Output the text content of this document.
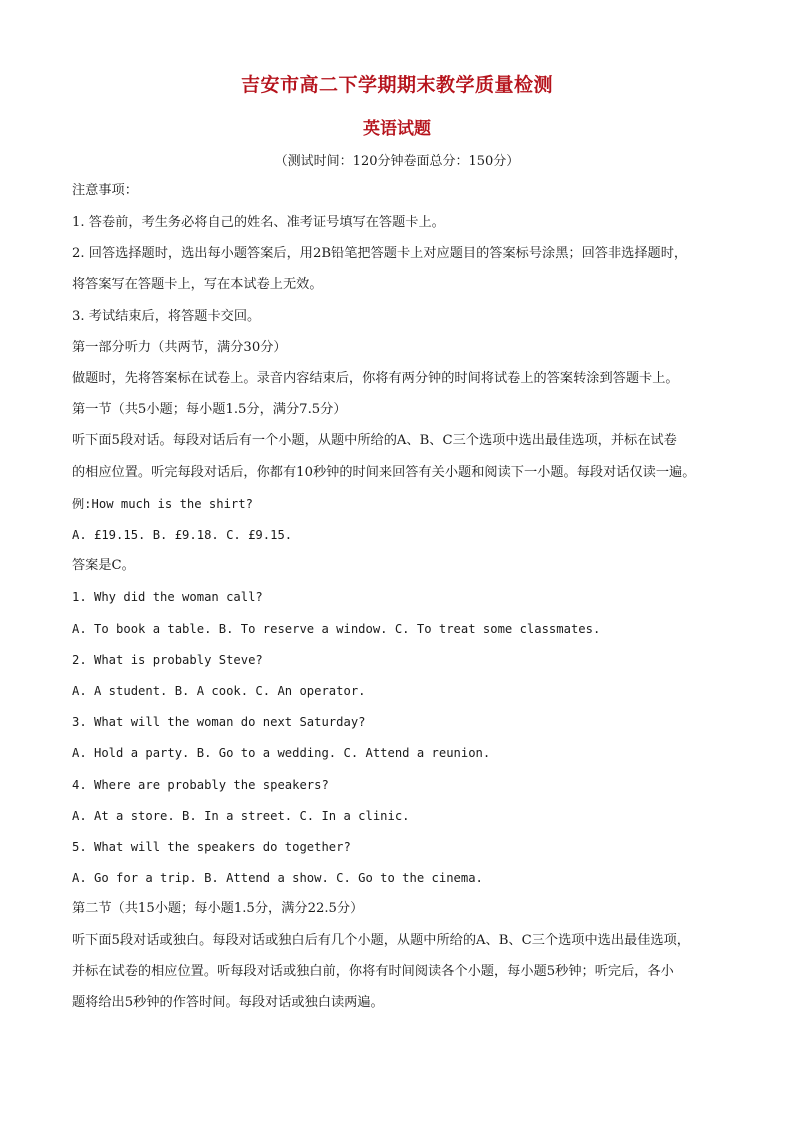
吉安市高二下学期期末教学质量检测
英语试题
（测试时间：120分钟卷面总分：150分）
注意事项：
1. 答卷前，考生务必将自己的姓名、准考证号填写在答题卡上。
2. 回答选择题时，选出每小题答案后，用2B铅笔把答题卡上对应题目的答案标号涂黑；回答非选择题时，
将答案写在答题卡上，写在本试卷上无效。
3. 考试结束后，将答题卡交回。
第一部分听力（共两节，满分30分）
做题时，先将答案标在试卷上。录音内容结束后，你将有两分钟的时间将试卷上的答案转涂到答题卡上。
第一节（共5小题；每小题1.5分，满分7.5分）
听下面5段对话。每段对话后有一个小题，从题中所给的A、B、C三个选项中选出最佳选项，并标在试卷
的相应位置。听完每段对话后，你都有10秒钟的时间来回答有关小题和阅读下一小题。每段对话仅读一遍。
例:How much is the shirt?
A. £19.15. B. £9.18. C. £9.15.
答案是C。
1. Why did the woman call?
A. To book a table. B. To reserve a window. C. To treat some classmates.
2. What is probably Steve?
A. A student. B. A cook. C. An operator.
3. What will the woman do next Saturday?
A. Hold a party. B. Go to a wedding. C. Attend a reunion.
4. Where are probably the speakers?
A. At a store. B. In a street. C. In a clinic.
5. What will the speakers do together?
A. Go for a trip. B. Attend a show. C. Go to the cinema.
第二节（共15小题；每小题1.5分，满分22.5分）
听下面5段对话或独白。每段对话或独白后有几个小题，从题中所给的A、B、C三个选项中选出最佳选项，
并标在试卷的相应位置。听每段对话或独白前，你将有时间阅读各个小题，每小题5秒钟；听完后，各小
题将给出5秒钟的作答时间。每段对话或独白读两遍。
